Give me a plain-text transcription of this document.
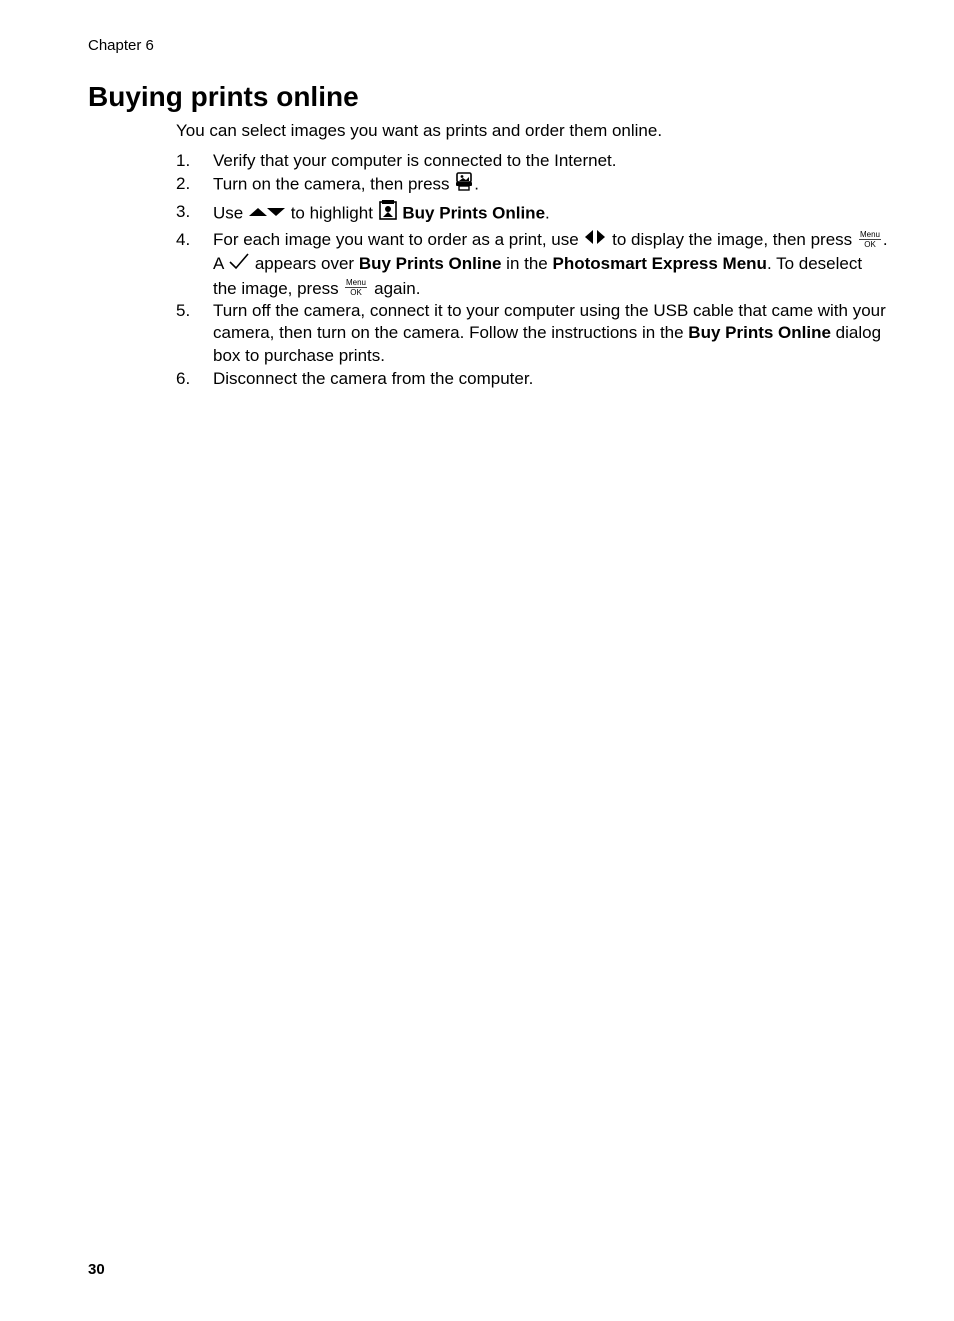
Chapter 6
Buying prints online

You can select images you want as prints and order them online.

1. Verify that your computer is connected to the Internet.
2. Turn on the camera, then press .
3. Use  to highlight  Buy Prints Online.
4. For each image you want to order as a print, use  to display the image, then press Menu
OK . A  appears over Buy Prints Online in the Photosmart Express Menu. To deselect the image, press Menu
OK again.
5. Turn off the camera, connect it to your computer using the USB cable that came with your camera, then turn on the camera. Follow the instructions in the Buy Prints Online dialog box to purchase prints.
6. Disconnect the camera from the computer.
30
